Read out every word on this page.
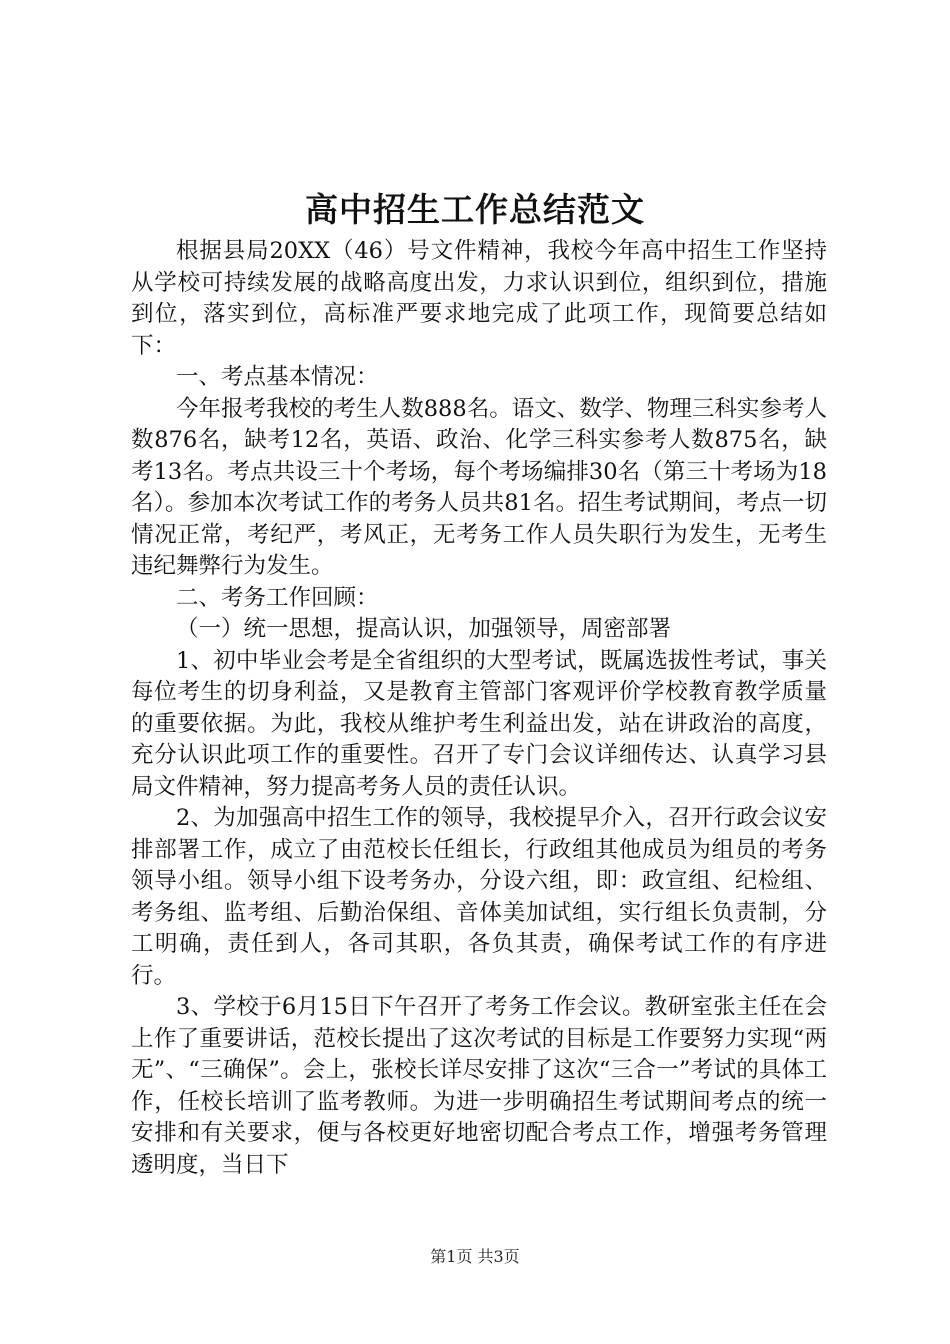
高中招生工作总结范文

根据县局20XX（46）号文件精神，我校今年高中招生工作坚持从学校可持续发展的战略高度出发，力求认识到位，组织到位，措施到位，落实到位，高标准严要求地完成了此项工作，现简要总结如下：

一、考点基本情况：

今年报考我校的考生人数888名。语文、数学、物理三科实参考人数876名，缺考12名，英语、政治、化学三科实参考人数875名，缺考13名。考点共设三十个考场，每个考场编排30名（第三十考场为18名）。参加本次考试工作的考务人员共81名。招生考试期间，考点一切情况正常，考纪严，考风正，无考务工作人员失职行为发生，无考生违纪舞弊行为发生。

二、考务工作回顾：

（一）统一思想，提高认识，加强领导，周密部署

1、初中毕业会考是全省组织的大型考试，既属选拔性考试，事关每位考生的切身利益，又是教育主管部门客观评价学校教育教学质量的重要依据。为此，我校从维护考生利益出发，站在讲政治的高度，充分认识此项工作的重要性。召开了专门会议详细传达、认真学习县局文件精神，努力提高考务人员的责任认识。

2、为加强高中招生工作的领导，我校提早介入，召开行政会议安排部署工作，成立了由范校长任组长，行政组其他成员为组员的考务领导小组。领导小组下设考务办，分设六组，即：政宣组、纪检组、考务组、监考组、后勤治保组、音体美加试组，实行组长负责制，分工明确，责任到人，各司其职，各负其责，确保考试工作的有序进行。

3、学校于6月15日下午召开了考务工作会议。教研室张主任在会上作了重要讲话，范校长提出了这次考试的目标是工作要努力实现“两无”、“三确保”。会上，张校长详尽安排了这次“三合一”考试的具体工作，任校长培训了监考教师。为进一步明确招生考试期间考点的统一安排和有关要求，便与各校更好地密切配合考点工作，增强考务管理透明度，当日下

第1页 共3页
